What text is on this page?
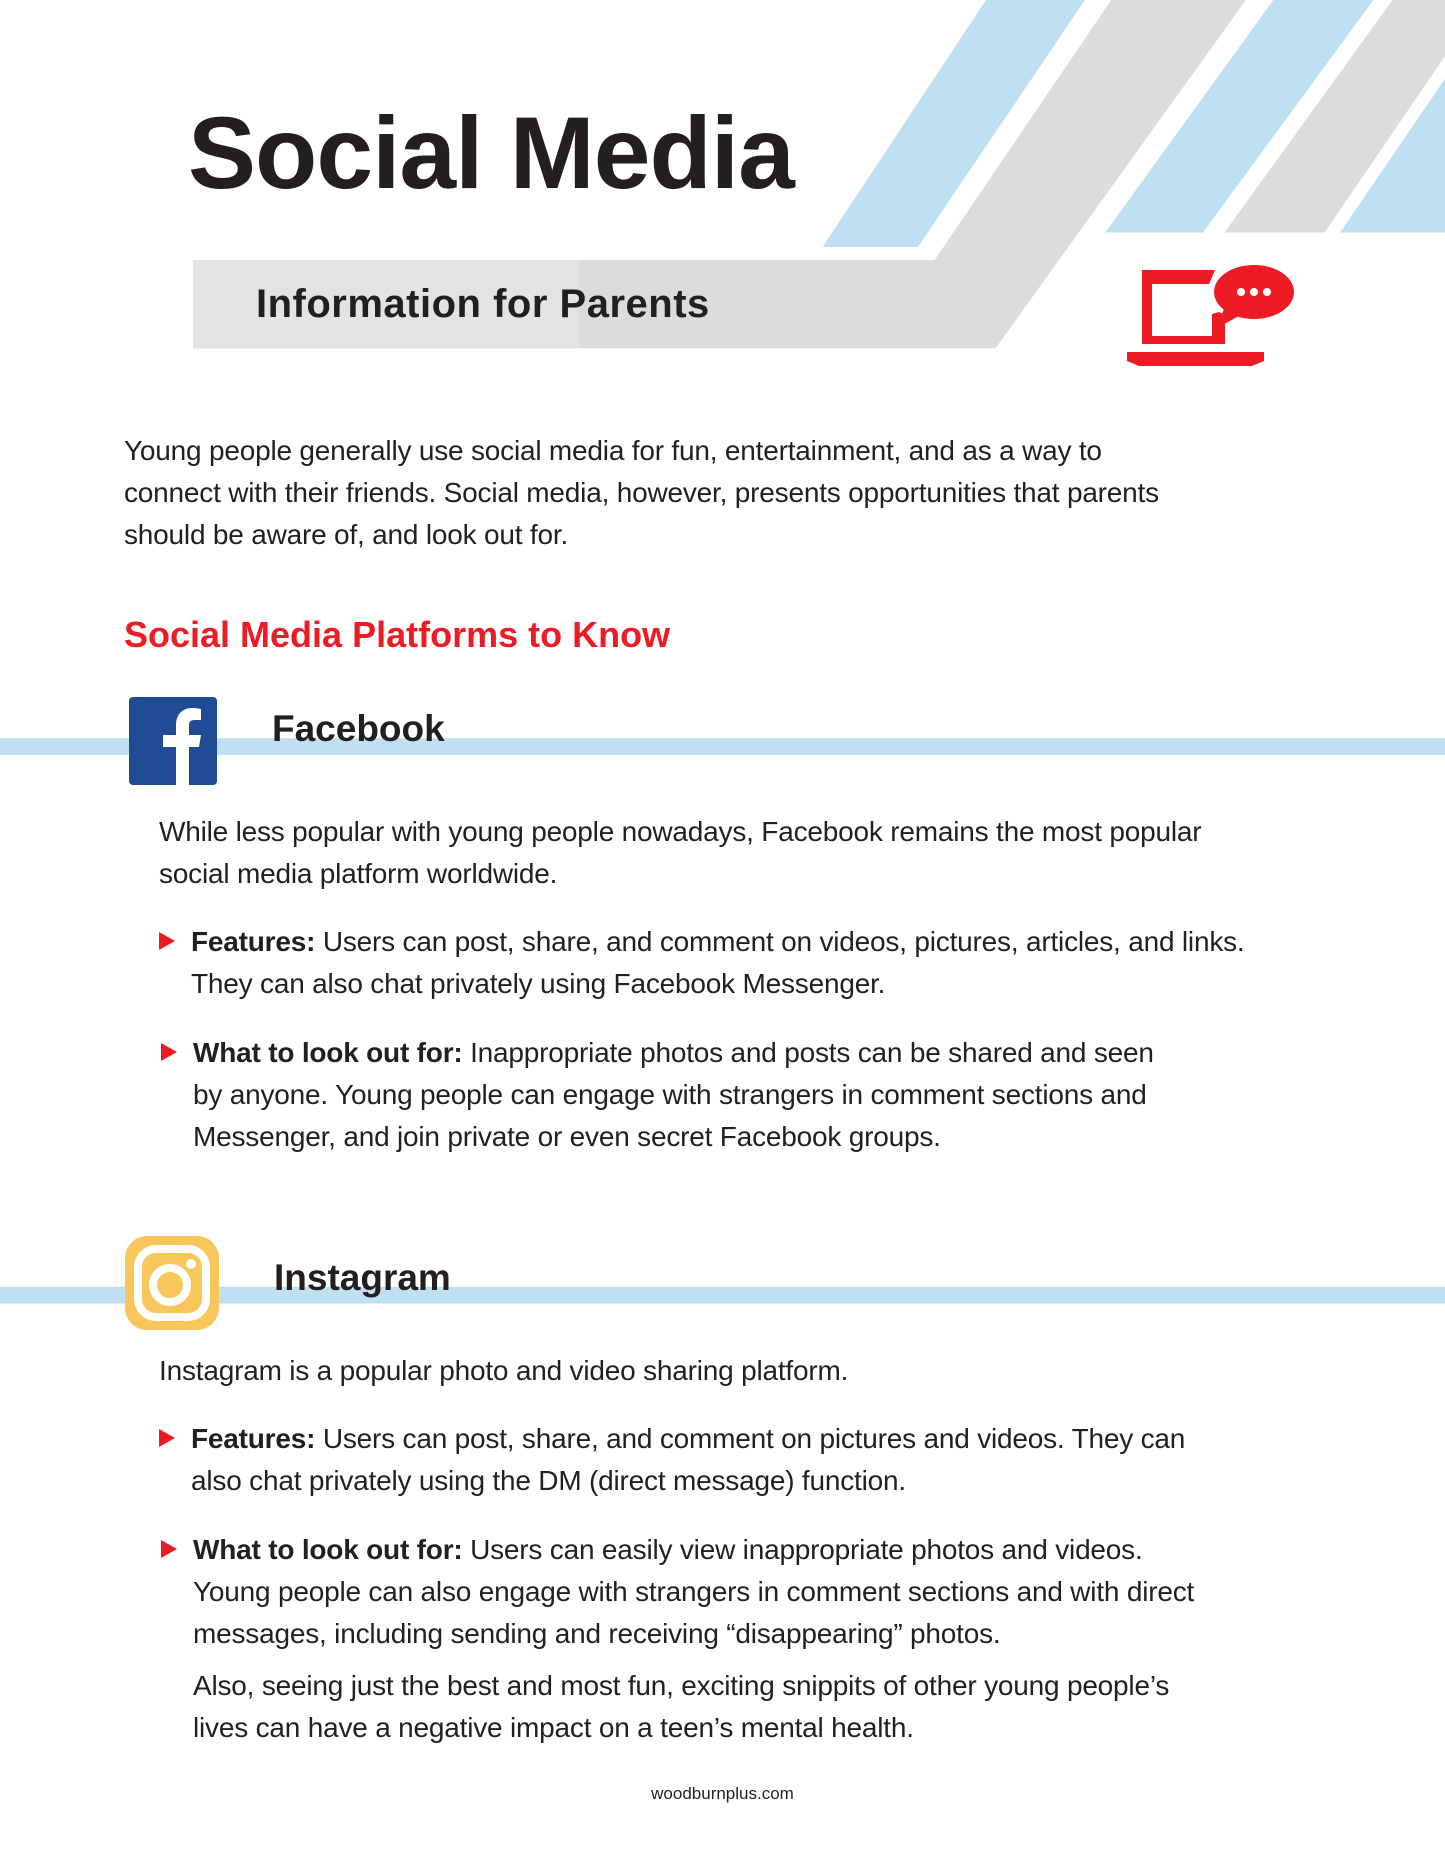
Social Media
Information for Parents
Young people generally use social media for fun, entertainment, and as a way to
connect with their friends. Social media, however, presents opportunities that parents
should be aware of, and look out for.
Social Media Platforms to Know
Facebook
While less popular with young people nowadays, Facebook remains the most popular
social media platform worldwide.
Features: Users can post, share, and comment on videos, pictures, articles, and links.
They can also chat privately using Facebook Messenger.
What to look out for: Inappropriate photos and posts can be shared and seen
by anyone. Young people can engage with strangers in comment sections and
Messenger, and join private or even secret Facebook groups.
Instagram
Instagram is a popular photo and video sharing platform.
Features: Users can post, share, and comment on pictures and videos. They can
also chat privately using the DM (direct message) function.
What to look out for: Users can easily view inappropriate photos and videos.
Young people can also engage with strangers in comment sections and with direct
messages, including sending and receiving “disappearing” photos.
Also, seeing just the best and most fun, exciting snippits of other young people’s
lives can have a negative impact on a teen’s mental health.
woodburnplus.com
